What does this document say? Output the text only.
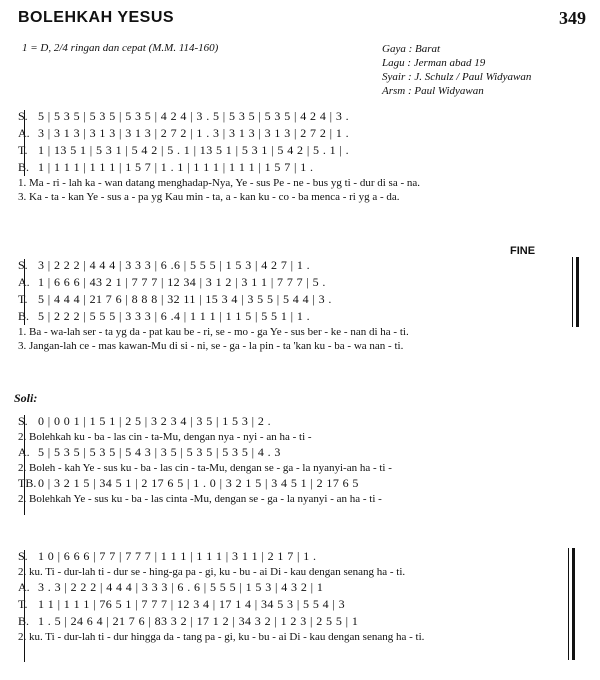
BOLEHKAH YESUS	349
1 = D, 2/4 ringan dan cepat (M.M. 114-160)	Gaya : Barat
Lagu : Jerman abad 19
Syair : J. Schulz / Paul Widyawan
Arsm : Paul Widyawan
S. 5 | 5 3 5 | 5 3 5 | 5 3 5 | 4 2 4 | 3 . 5 | 5 3 5 | 5 3 5 | 4 2 4 | 3 .
A. 3 | 3 1 3 | 3 1 3 | 3 1 3 | 2 7 2 | 1 . 3 | 3 1 3 | 3 1 3 | 2 7 2 | 1 .
T. 1 | 13 5 1 | 5 3 1 | 5 4 2 | 5 . 1 | 13 5 1 | 5 3 1 | 5 4 2 | 5 . 1 | .
B. 1 | 1 1 1 | 1 1 1 | 1 5 7 | 1 . 1 | 1 1 1 | 1 1 1 | 1 5 7 | 1 .
1. Ma - ri - lah ka - wan datang menghadap-Nya, Ye - sus Pe - ne - bus yg ti - dur di sa - na.
3. Ka - ta - kan Ye - sus a - pa yg Kau min - ta, a - kan ku - co - ba menca - ri yg a - da.
FINE
S. 3 | 2 2 2 | 4 4 4 | 3 3 3 | 6 .6 | 5 5 5 | 1 5 3 | 4 2 7 | 1 .
A. 1 | 6 6 6 | 43 2 1 | 7 7 7 | 12 34 | 3 1 2 | 3 1 1 | 7 7 7 | 5 .
T. 5 | 4 4 4 | 21 7 6 | 8 8 8 | 32 11 | 15 3 4 | 3 5 5 | 5 4 4 | 3 .
B. 5 | 2 2 2 | 5 5 5 | 3 3 3 | 6 .4 | 1 1 1 | 1 1 5 | 5 5 1 | 1 .
1. Ba - wa-lah ser - ta yg da - pat kau be - ri, se - mo - ga Ye - sus ber - ke - nan di ha - ti.
3. Jangan-lah ce - mas kawan-Mu di si - ni, se - ga - la pin - ta 'kan ku - ba - wa nan - ti.
Soli:
S. 0 | 0 0 1 | 1 5 1 | 2 5 | 3 2 3 4 | 3 5 | 1 5 3 | 2 .
2. Bolehkah ku - ba - las cin - ta-Mu, dengan nya - nyi - an ha - ti -
A. 5 | 5 3 5 | 5 3 5 | 5 4 3 | 3 5 | 5 3 5 | 5 3 5 | 4 . 3
2. Boleh - kah Ye - sus ku - ba - las cin - ta-Mu, dengan se - ga - la nyanyi-an ha - ti -
TB. 0 | 3 2 1 5 | 34 5 1 | 2 17 6 5 | 1 . 0 | 3 2 1 5 | 3 4 5 1 | 2 17 6 5
2. Bolehkah Ye - sus ku - ba - las cinta -Mu, dengan se - ga - la nyanyi - an ha - ti -
S. 1 0 | 6 6 6 | 7 7 | 7 7 7 | 1 1 1 | 1 1 1 | 3 1 1 | 2 1 7 | 1 .
2. ku. Ti - dur-lah ti - dur se - hing-ga pa - gi, ku - bu - ai Di - kau dengan senang ha - ti.
A. 3 . 3 | 2 2 2 | 4 4 4 | 3 3 3 | 6 . 6 | 5 5 5 | 1 5 3 | 4 3 2 | 1
T. 1 1 | 1 1 1 | 76 5 1 | 7 7 7 | 12 3 4 | 17 1 4 | 34 5 3 | 5 5 4 | 3
B. 1 . 5 | 24 6 4 | 21 7 6 | 83 3 2 | 17 1 2 | 34 3 2 | 1 2 3 | 2 5 5 | 1
2. ku. Ti - dur-lah ti - dur hingga da - tang pa - gi, ku - bu - ai Di - kau dengan senang ha - ti.
